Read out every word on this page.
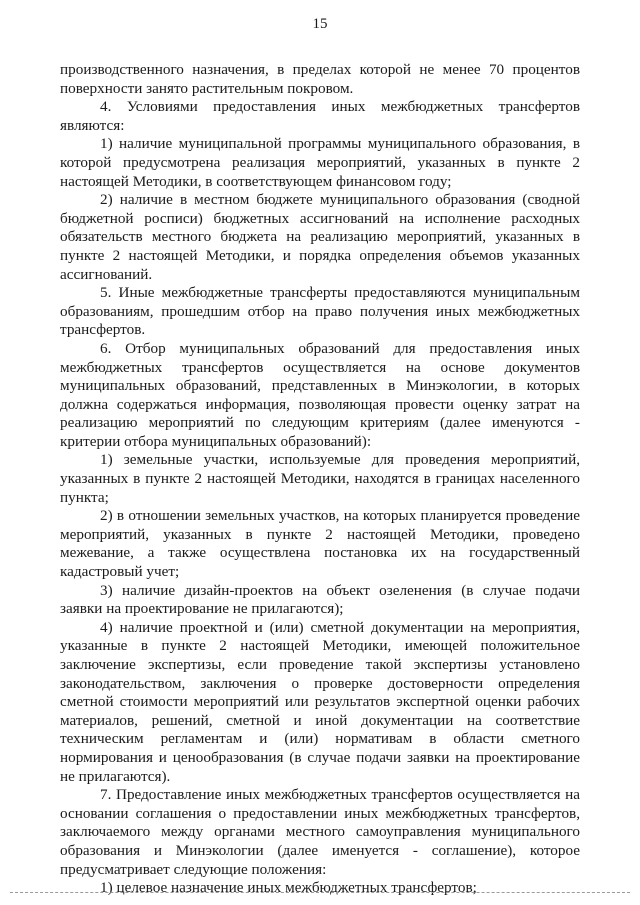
15

производственного назначения, в пределах которой не менее 70 процентов поверхности занято растительным покровом.

4. Условиями предоставления иных межбюджетных трансфертов являются:

1) наличие муниципальной программы муниципального образования, в которой предусмотрена реализация мероприятий, указанных в пункте 2 настоящей Методики, в соответствующем финансовом году;

2) наличие в местном бюджете муниципального образования (сводной бюджетной росписи) бюджетных ассигнований на исполнение расходных обязательств местного бюджета на реализацию мероприятий, указанных в пункте 2 настоящей Методики, и порядка определения объемов указанных ассигнований.

5. Иные межбюджетные трансферты предоставляются муниципальным образованиям, прошедшим отбор на право получения иных межбюджетных трансфертов.

6. Отбор муниципальных образований для предоставления иных межбюджетных трансфертов осуществляется на основе документов муниципальных образований, представленных в Минэкологии, в которых должна содержаться информация, позволяющая провести оценку затрат на реализацию мероприятий по следующим критериям (далее именуются - критерии отбора муниципальных образований):

1) земельные участки, используемые для проведения мероприятий, указанных в пункте 2 настоящей Методики, находятся в границах населенного пункта;

2) в отношении земельных участков, на которых планируется проведение мероприятий, указанных в пункте 2 настоящей Методики, проведено межевание, а также осуществлена постановка их на государственный кадастровый учет;

3) наличие дизайн-проектов на объект озеленения (в случае подачи заявки на проектирование не прилагаются);

4) наличие проектной и (или) сметной документации на мероприятия, указанные в пункте 2 настоящей Методики, имеющей положительное заключение экспертизы, если проведение такой экспертизы установлено законодательством, заключения о проверке достоверности определения сметной стоимости мероприятий или результатов экспертной оценки рабочих материалов, решений, сметной и иной документации на соответствие техническим регламентам и (или) нормативам в области сметного нормирования и ценообразования (в случае подачи заявки на проектирование не прилагаются).

7. Предоставление иных межбюджетных трансфертов осуществляется на основании соглашения о предоставлении иных межбюджетных трансфертов, заключаемого между органами местного самоуправления муниципального образования и Минэкологии (далее именуется - соглашение), которое предусматривает следующие положения:

1) целевое назначение иных межбюджетных трансфертов;
